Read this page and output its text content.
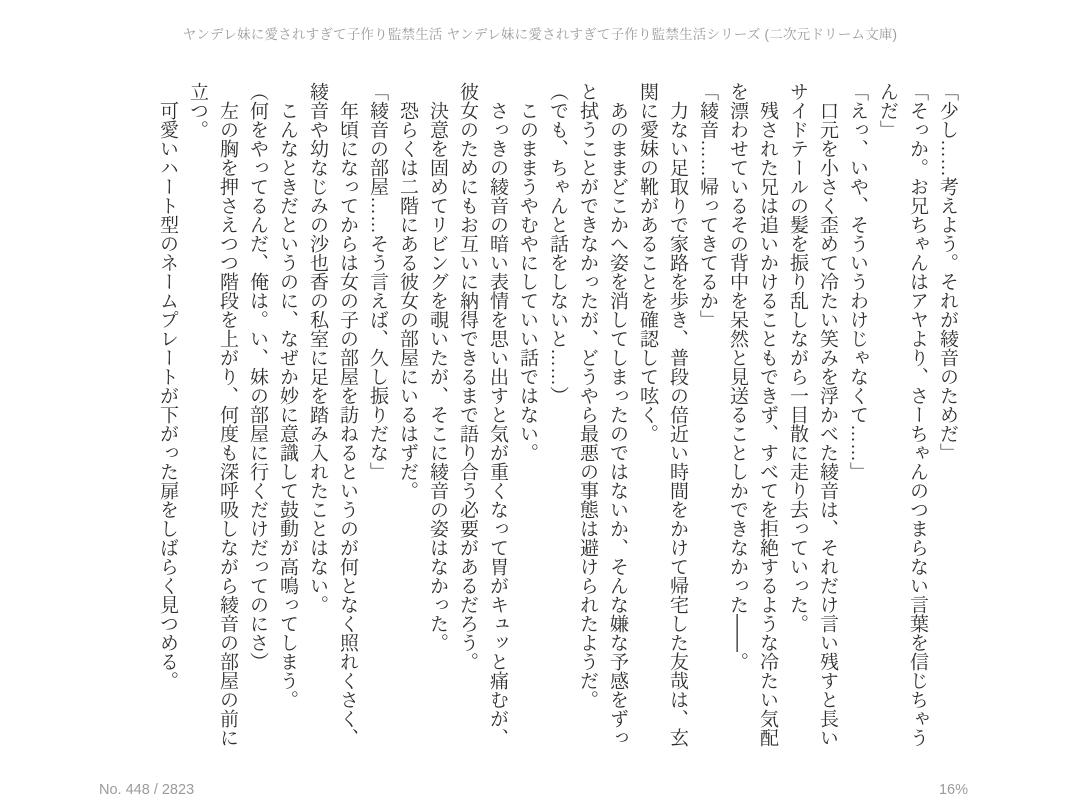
ヤンデレ妹に愛されすぎて子作り監禁生活 ヤンデレ妹に愛されすぎて子作り監禁生活シリーズ (二次元ドリーム文庫)

「少し……考えよう。それが綾音のためだ」

「そっか。お兄ちゃんはアヤより、さーちゃんのつまらない言葉を信じちゃうんだ」

「えっ、いや、そういうわけじゃなくて……」

口元を小さく歪めて冷たい笑みを浮かべた綾音は、それだけ言い残すと長いサイドテールの髪を振り乱しながら一目散に走り去っていった。

残された兄は追いかけることもできず、すべてを拒絶するような冷たい気配を漂わせているその背中を呆然と見送ることしかできなかった――。

「綾音……帰ってきてるか」

力ない足取りで家路を歩き、普段の倍近い時間をかけて帰宅した友哉は、玄関に愛妹の靴があることを確認して呟く。

あのままどこかへ姿を消してしまったのではないか、そんな嫌な予感をずっと拭うことができなかったが、どうやら最悪の事態は避けられたようだ。

（でも、ちゃんと話をしないと……）

このままうやむやにしていい話ではない。

さっきの綾音の暗い表情を思い出すと気が重くなって胃がキュッと痛むが、彼女のためにもお互いに納得できるまで語り合う必要があるだろう。

決意を固めてリビングを覗いたが、そこに綾音の姿はなかった。

恐らくは二階にある彼女の部屋にいるはずだ。

「綾音の部屋……そう言えば、久し振りだな」

年頃になってからは女の子の部屋を訪ねるというのが何となく照れくさく、綾音や幼なじみの沙也香の私室に足を踏み入れたことはない。

こんなときだというのに、なぜか妙に意識して鼓動が高鳴ってしまう。

（何をやってるんだ、俺は。い、妹の部屋に行くだけだってのにさ）

左の胸を押さえつつ階段を上がり、何度も深呼吸しながら綾音の部屋の前に立つ。

可愛いハート型のネームプレートが下がった扉をしばらく見つめる。

No. 448 / 2823	16%
